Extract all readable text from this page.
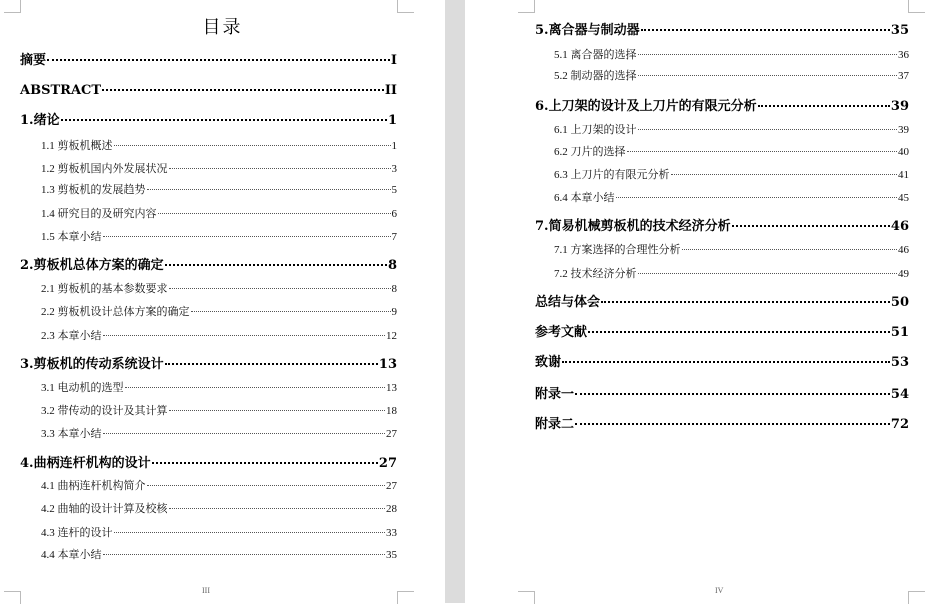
目录
摘要	I
ABSTRACT	II
1.绪论	1
1.1 剪板机概述	1
1.2 剪板机国内外发展状况	3
1.3 剪板机的发展趋势	5
1.4 研究目的及研究内容	6
1.5 本章小结	7
2.剪板机总体方案的确定	8
2.1 剪板机的基本参数要求	8
2.2 剪板机设计总体方案的确定	9
2.3 本章小结	12
3.剪板机的传动系统设计	13
3.1 电动机的选型	13
3.2 带传动的设计及其计算	18
3.3 本章小结	27
4.曲柄连杆机构的设计	27
4.1 曲柄连杆机构简介	27
4.2 曲轴的设计计算及校核	28
4.3 连杆的设计	33
4.4 本章小结	35
III
5.离合器与制动器	35
5.1 离合器的选择	36
5.2 制动器的选择	37
6.上刀架的设计及上刀片的有限元分析	39
6.1 上刀架的设计	39
6.2 刀片的选择	40
6.3 上刀片的有限元分析	41
6.4 本章小结	45
7.简易机械剪板机的技术经济分析	46
7.1 方案选择的合理性分析	46
7.2 技术经济分析	49
总结与体会	50
参考文献	51
致谢	53
附录一	54
附录二	72
IV
